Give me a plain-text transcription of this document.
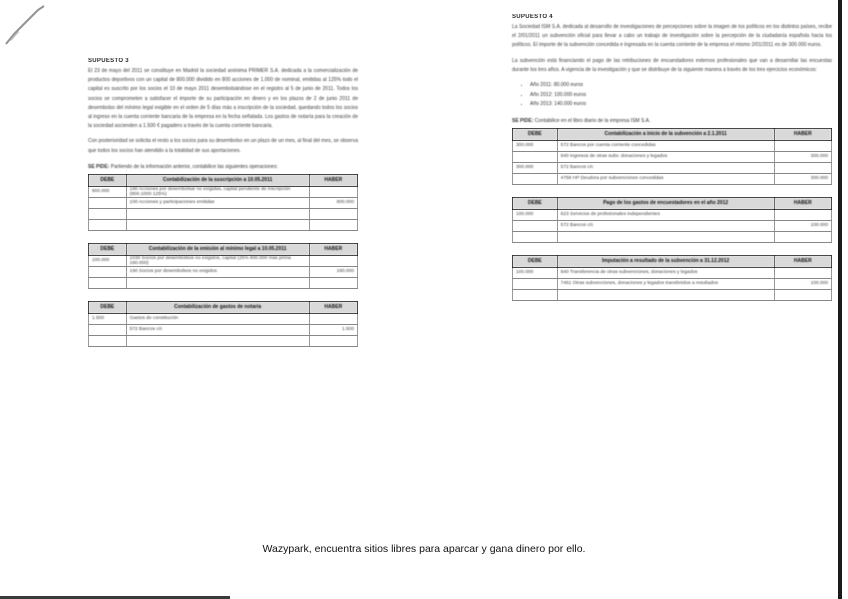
SUPUESTO 3
El 23 de mayo del 2011 se constituye en Madrid la sociedad anónima PRIMER S.A. dedicada a la comercialización de productos deportivos con un capital de 800.000 dividido en 800 acciones de 1.000 de nominal, emitidas al 125% todo el capital es suscrito por los socios el 10 de mayo 2011 desembolsándose en el registro al 5 de junio de 2011. Todos los socios se comprometen a satisfacer el importe de su participación en dinero y en los plazos de 2 de junio 2011 de desembolso del mínimo legal exigible en el orden de 5 días más a inscripción de la sociedad, quedando todos los socios al ingreso en la cuenta corriente bancaria de la empresa en la fecha señalada. Los gastos de notaría para la creación de la sociedad ascienden a 1.500 € pagadero a través de la cuenta corriente bancaria.
Con posterioridad se solicita el resto a los socios para su desembolso en un plazo de un mes, al final del mes, se observa que todos los socios han atendido a la totalidad de sus aportaciones.
SE PIDE: Partiendo de la información anterior, contabilice las siguientes operaciones:
DEBE	Contabilización de la suscripción a 10.05.2011	HABER
800.000	190 Acciones por desembolsar no exigidas, capital pendiente de inscripción (800.1000·125%)	
	100 Acciones y participaciones emitidas	800.000

DEBE	Contabilización de la emisión al mínimo legal a 10.05.2011	HABER
100.000	1030 Socios por desembolsos no exigidos, capital (25% 800.000 más prima 180.000)	
	190 Socios por desembolsos no exigidos	180.000

DEBE	Contabilización de gastos de notaría	HABER
1.500	Gastos de constitución	
	572 Bancos c/c	1.500

SUPUESTO 4
La Sociedad ISM S.A. dedicada al desarrollo de investigaciones de percepciones sobre la imagen de los políticos en los distintos países, recibe el 2/01/2011 un subvención oficial para llevar a cabo un trabajo de investigación sobre la percepción de la ciudadanía española hacia los políticos. El importe de la subvención concedida e ingresada en la cuenta corriente de la empresa el mismo 2/01/2011 es de 300.000 euros.
La subvención está financiando el pago de las retribuciones de encuestadores externos profesionales que van a desarrollar las encuestas durante los tres años. A vigencia de la investigación y que se distribuye de la siguiente manera a través de los tres ejercicios económicos:
• Año 2011: 80.000 euros
• Año 2012: 100.000 euros
• Año 2013: 140.000 euros
SE PIDE: Contabilice en el libro diario de la empresa ISM S.A.
DEBE	Contabilización a inicio de la subvención a 2.1.2011	HABER
300.000	572 Bancos por cuenta corriente concedidas	
	940 Ingresos de otras subv. donaciones y legados	300.000
300.000	572 Bancos c/c	
	4758 HP Deudora por subvenciones concedidas	300.000
DEBE	Pago de los gastos de encuestadores en el año 2012	HABER
100.000	623 Servicios de profesionales independientes	
	572 Bancos c/c	100.000

DEBE	Imputación a resultado de la subvención a 31.12.2012	HABER
100.000	840 Transferencia de otras subvenciones, donaciones y legados	
	7461 Otras subvenciones, donaciones y legados transferidos a resultados	100.000

Wazypark, encuentra sitios libres para aparcar y gana dinero por ello.
